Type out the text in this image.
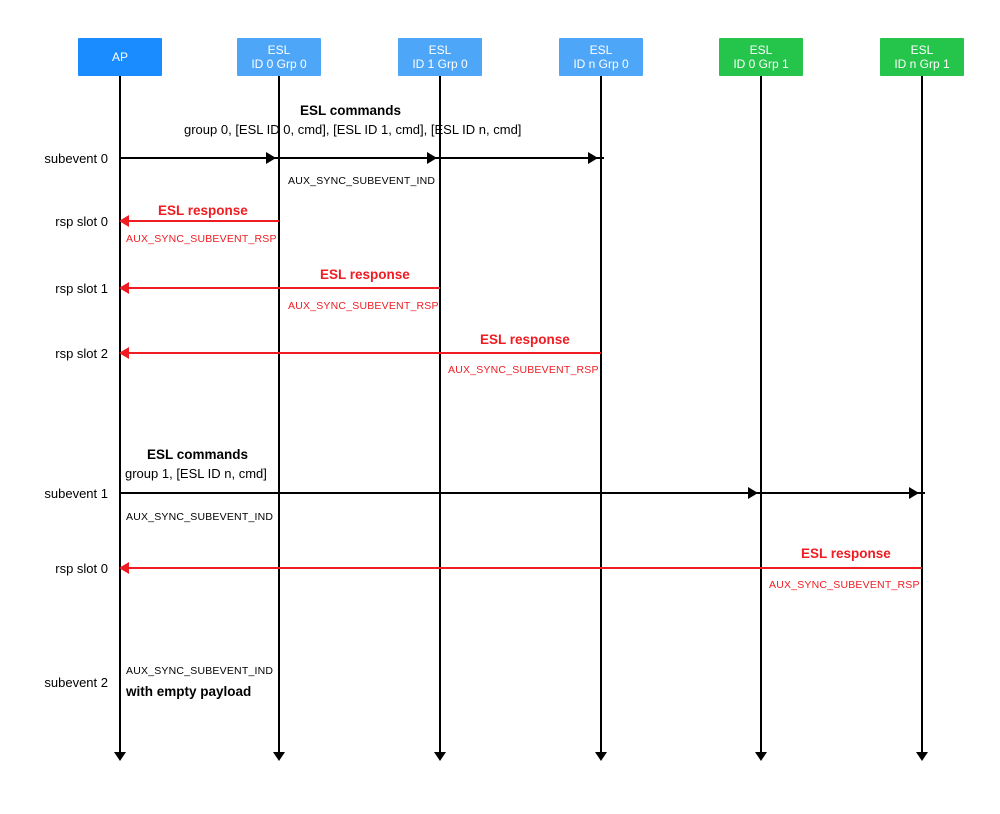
AP	ESL
ID 0 Grp 0
ESL
ID 1 Grp 0
ESL
ID n Grp 0
ESL
ID 0 Grp 1
ESL
ID n Grp 1
subevent 0
rsp slot 0
rsp slot 1
rsp slot 2
subevent 1
rsp slot 0
subevent 2
ESL commands
group 0, [ESL ID 0, cmd], [ESL ID 1, cmd], [ESL ID n, cmd]
AUX_SYNC_SUBEVENT_IND
ESL response
AUX_SYNC_SUBEVENT_RSP
ESL response
AUX_SYNC_SUBEVENT_RSP
ESL response
AUX_SYNC_SUBEVENT_RSP
ESL commands
group 1, [ESL ID n, cmd]
AUX_SYNC_SUBEVENT_IND
ESL response
AUX_SYNC_SUBEVENT_RSP
AUX_SYNC_SUBEVENT_IND
with empty payload
